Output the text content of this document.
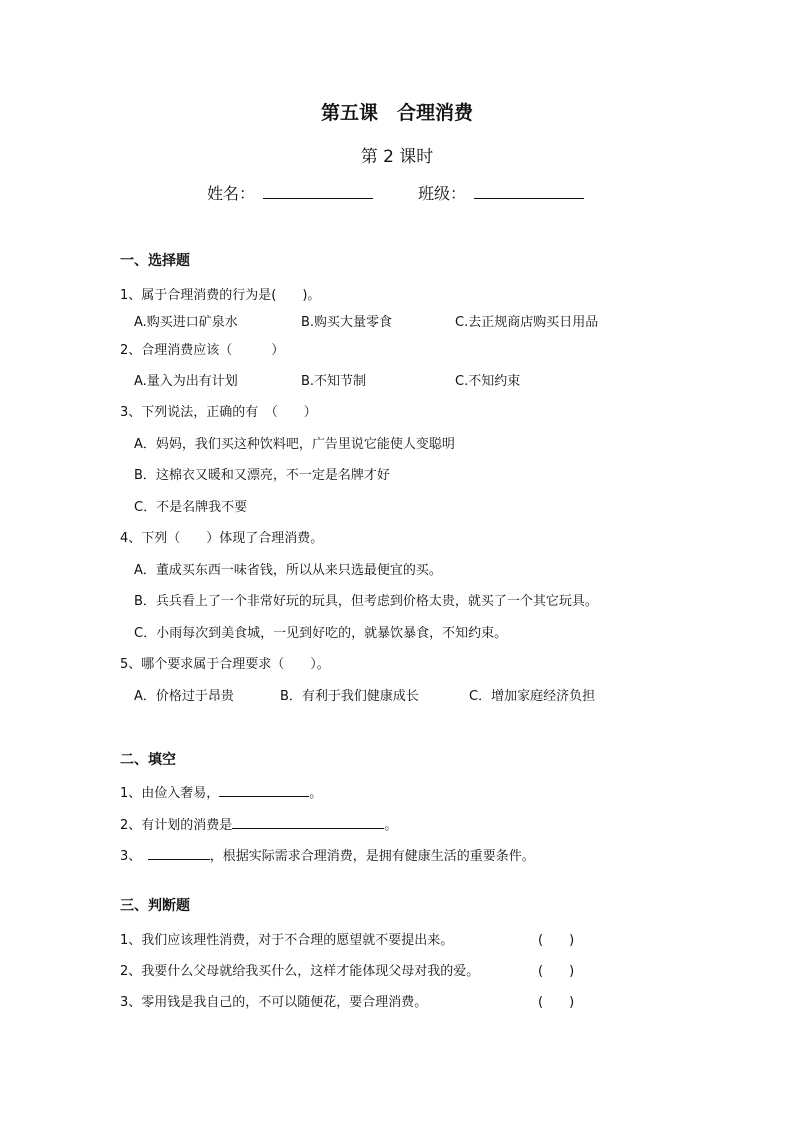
第五课　合理消费
第 2 课时
姓名：	班级：
一、选择题
1、属于合理消费的行为是(　　)。
A.购买进口矿泉水	B.购买大量零食	C.去正规商店购买日用品
2、合理消费应该（　　　）
A.量入为出有计划	B.不知节制	C.不知约束
3、下列说法，正确的有　（　　）
A．妈妈，我们买这种饮料吧，广告里说它能使人变聪明
B．这棉衣又暖和又漂亮，不一定是名牌才好
C．不是名牌我不要
4、下列（　　）体现了合理消费。
A．董成买东西一味省钱，所以从来只选最便宜的买。
B．兵兵看上了一个非常好玩的玩具，但考虑到价格太贵，就买了一个其它玩具。
C．小雨每次到美食城，一见到好吃的，就暴饮暴食，不知约束。
5、哪个要求属于合理要求（　　）。
A．价格过于昂贵	B．有利于我们健康成长	C．增加家庭经济负担
二、填空
1、由俭入奢易，	。
2、有计划的消费是	。
3、　	，根据实际需求合理消费，是拥有健康生活的重要条件。
三、判断题
1、我们应该理性消费，对于不合理的愿望就不要提出来。	(　　)
2、我要什么父母就给我买什么，这样才能体现父母对我的爱。	(　　)
3、零用钱是我自己的，不可以随便花，要合理消费。	(　　)
